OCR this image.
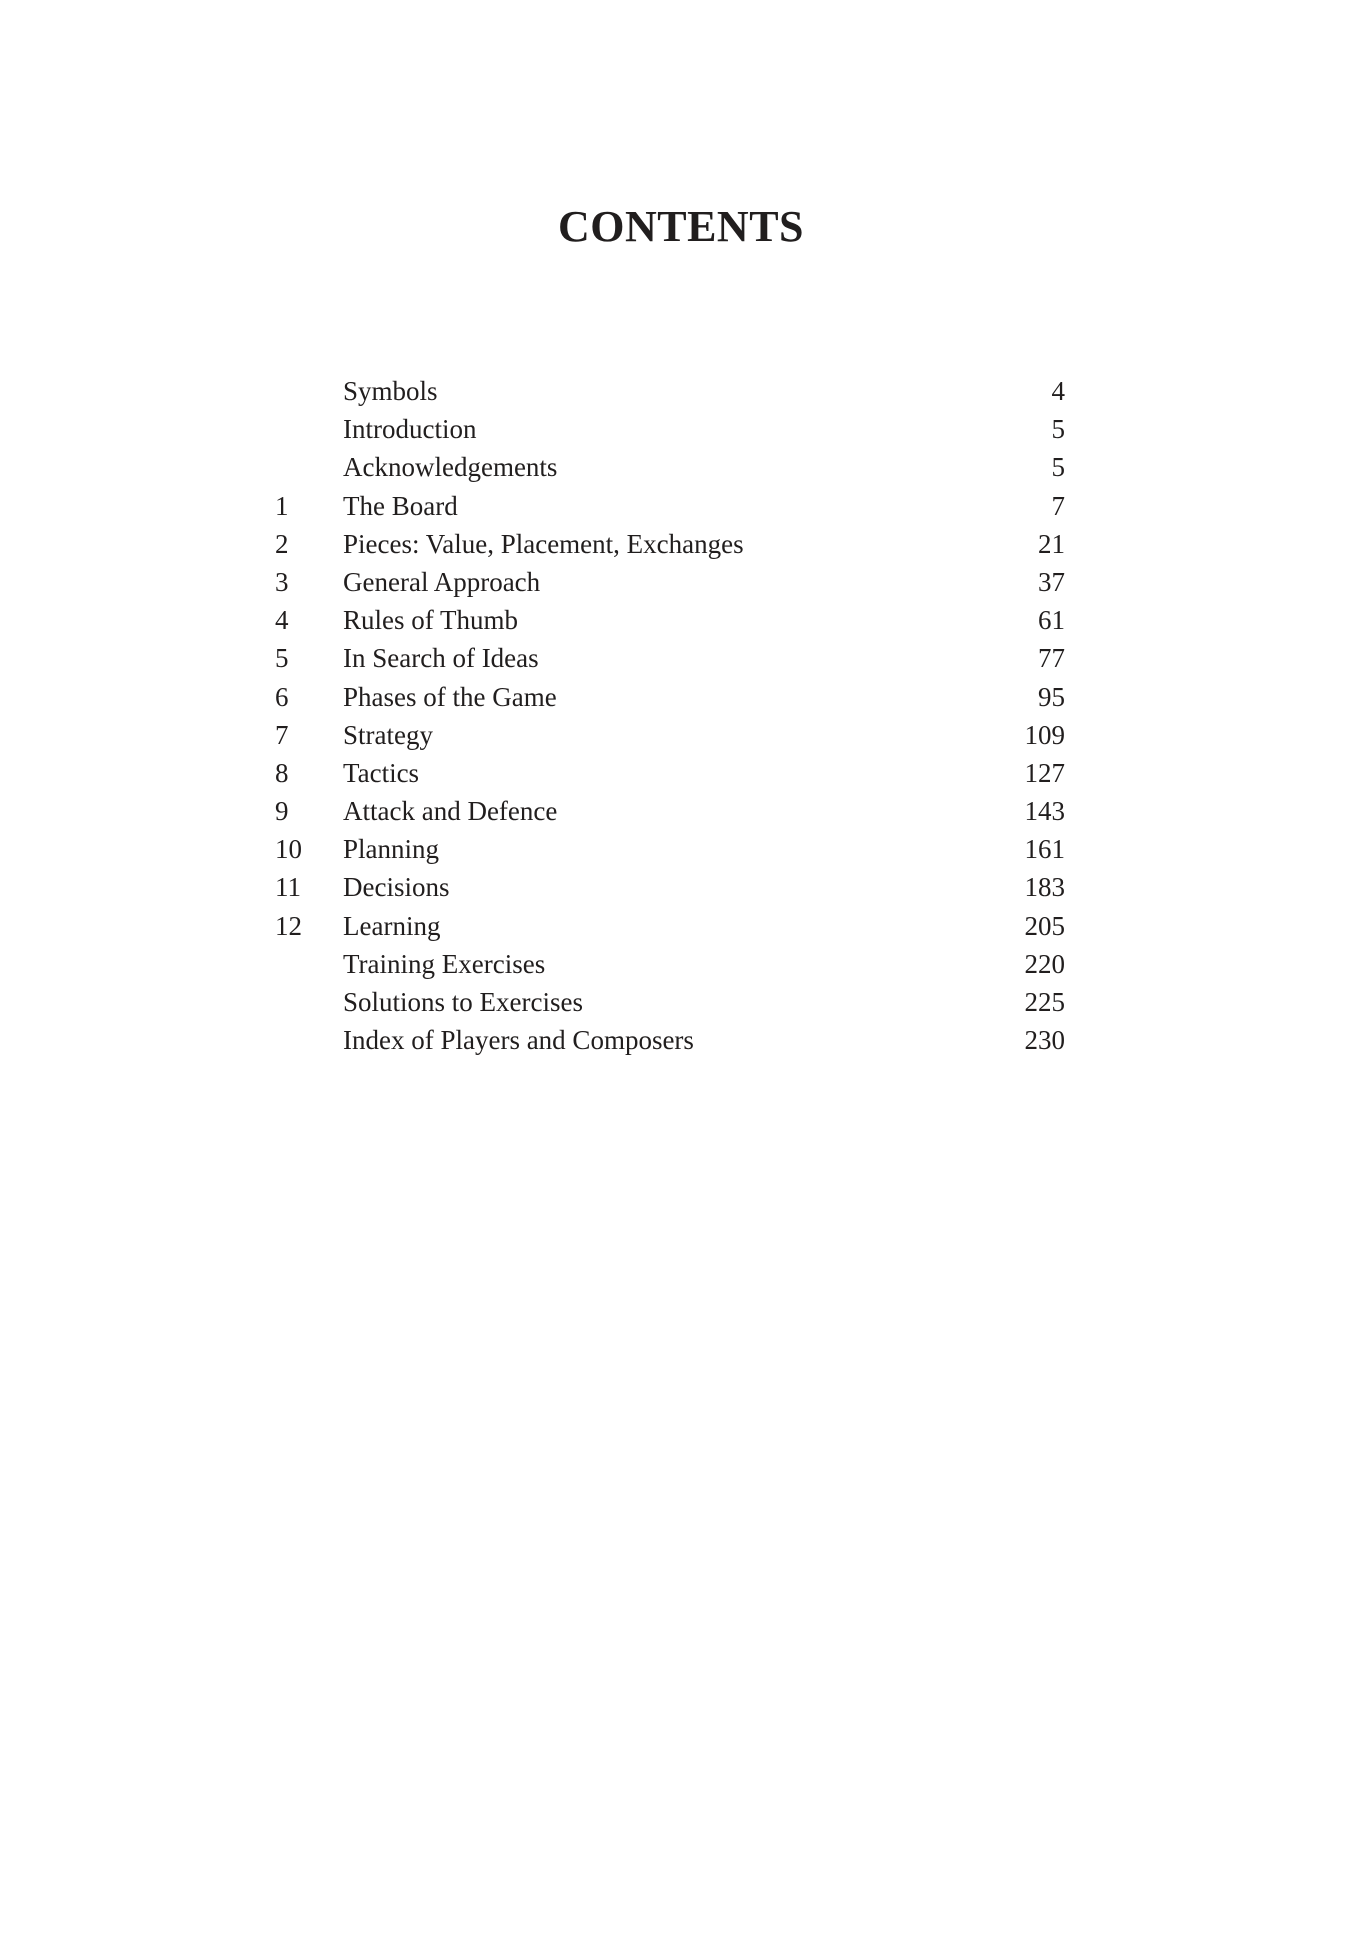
CONTENTS
Symbols	4
Introduction	5
Acknowledgements	5
1	The Board	7
2	Pieces: Value, Placement, Exchanges	21
3	General Approach	37
4	Rules of Thumb	61
5	In Search of Ideas	77
6	Phases of the Game	95
7	Strategy	109
8	Tactics	127
9	Attack and Defence	143
10	Planning	161
11	Decisions	183
12	Learning	205
Training Exercises	220
Solutions to Exercises	225
Index of Players and Composers	230
